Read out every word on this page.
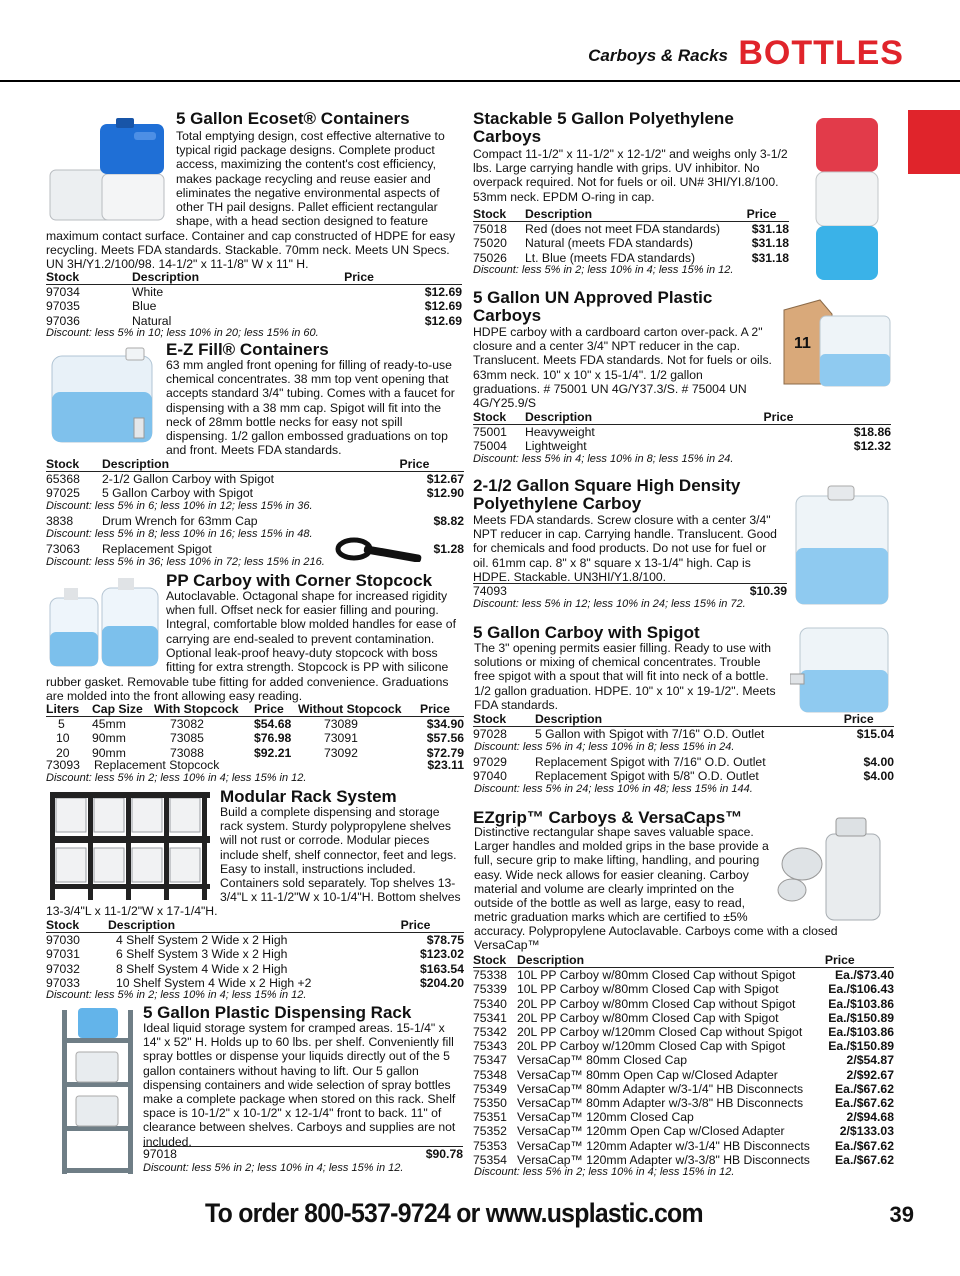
Carboys & Racks BOTTLES
5 Gallon Ecoset® Containers

Total emptying design, cost effective alternative to typical rigid package designs. Complete product access, maximizing the content's cost efficiency, makes package recycling and reuse easier and eliminates the negative environmental aspects of other TH pail designs. Pallet efficient rectangular shape, with a head section designed to feature

maximum contact surface. Container and cap constructed of HDPE for easy recycling. Meets FDA standards. Stackable. 70mm neck. Meets UN Specs. UN 3H/Y1.2/100/98. 14-1/2" x 11-1/8" W x 11" H.

Stock	Description	Price
97034	White	$12.69
97035	Blue	$12.69
97036	Natural	$12.69

Discount: less 5% in 10; less 10% in 20; less 15% in 60.

E-Z Fill® Containers

63 mm angled front opening for filling of ready-to-use chemical concentrates. 38 mm top vent opening that accepts standard 3/4" tubing. Comes with a faucet for dispensing with a 38 mm cap. Spigot will fit into the neck of 28mm bottle necks for easy not spill dispensing. 1/2 gallon embossed graduations on top and front. Meets FDA standards.

Stock	Description	Price
65368	2-1/2 Gallon Carboy with Spigot	$12.67
97025	5 Gallon Carboy with Spigot	$12.90

Discount: less 5% in 6; less 10% in 12; less 15% in 36.

3838	Drum Wrench for 63mm Cap	$8.82

Discount: less 5% in 8; less 10% in 16; less 15% in 48.

73063	Replacement Spigot	$1.28

Discount: less 5% in 36; less 10% in 72; less 15% in 216.

PP Carboy with Corner Stopcock

Autoclavable. Octagonal shape for increased rigidity when full. Offset neck for easier filling and pouring. Integral, comfortable blow molded handles for ease of carrying are end-sealed to prevent contamination. Optional leak-proof heavy-duty stopcock with boss fitting for extra strength. Stopcock is PP with silicone

rubber gasket. Removable tube fitting for added convenience. Graduations are molded into the front allowing easy reading.

Liters	Cap Size	With Stopcock	Price	Without Stopcock	Price
5	45mm	73082	$54.68	73089	$34.90
10	90mm	73085	$76.98	73091	$57.56
20	90mm	73088	$92.21	73092	$72.79
73093	Replacement Stopcock	$23.11

Discount: less 5% in 2; less 10% in 4; less 15% in 12.

Modular Rack System

Build a complete dispensing and storage rack system. Sturdy polypropylene shelves will not rust or corrode. Modular pieces include shelf, shelf connector, feet and legs. Easy to install, instructions included. Containers sold separately. Top shelves 13-3/4"L x 11-1/2"W x 10-1/4"H. Bottom shelves

13-3/4"L x 11-1/2"W x 17-1/4"H.

Stock	Description	Price
97030	4 Shelf System 2 Wide x 2 High	$78.75
97031	6 Shelf System 3 Wide x 2 High	$123.02
97032	8 Shelf System 4 Wide x 2 High	$163.54
97033	10 Shelf System 4 Wide x 2 High +2	$204.20

Discount: less 5% in 2; less 10% in 4; less 15% in 12.

5 Gallon Plastic Dispensing Rack

Ideal liquid storage system for cramped areas. 15-1/4" x 14" x 52" H. Holds up to 60 lbs. per shelf. Conveniently fill spray bottles or dispense your liquids directly out of the 5 gallon containers without having to lift. Our 5 gallon dispensing containers and wide selection of spray bottles make a complete package when stored on this rack. Shelf space is 10-1/2" x 10-1/2" x 12-1/4" front to back. 11" of clearance between shelves. Carboys and supplies are not included.

97018	$90.78

Discount: less 5% in 2; less 10% in 4; less 15% in 12.

Stackable 5 Gallon Polyethylene Carboys

Compact 11-1/2" x 11-1/2" x 12-1/2" and weighs only 3-1/2 lbs. Large carrying handle with grips. UV inhibitor. No overpack required. Not for fuels or oil. UN# 3HI/YI.8/100. 53mm neck. EPDM O-ring in cap.

Stock	Description	Price
75018	Red (does not meet FDA standards)	$31.18
75020	Natural (meets FDA standards)	$31.18
75026	Lt. Blue (meets FDA standards)	$31.18

Discount: less 5% in 2; less 10% in 4; less 15% in 12.

5 Gallon UN Approved Plastic Carboys
11

HDPE carboy with a cardboard carton over-pack. A 2" closure and a center 3/4" NPT reducer in the cap. Translucent. Meets FDA standards. Not for fuels or oils. 63mm neck. 10" x 10" x 15-1/4". 1/2 gallon graduations. # 75001 UN 4G/Y37.3/S. # 75004 UN 4G/Y25.9/S

Stock	Description	Price
75001	Heavyweight	$18.86
75004	Lightweight	$12.32

Discount: less 5% in 4; less 10% in 8; less 15% in 24.

2-1/2 Gallon Square High Density Polyethylene Carboy

Meets FDA standards. Screw closure with a center 3/4" NPT reducer in cap. Carrying handle. Translucent. Good for chemicals and food products. Do not use for fuel or oil. 61mm cap. 8" x 8" square x 13-1/4" high. Cap is HDPE. Stackable. UN3HI/Y1.8/100.

74093	$10.39

Discount: less 5% in 12; less 10% in 24; less 15% in 72.

5 Gallon Carboy with Spigot

The 3" opening permits easier filling. Ready to use with solutions or mixing of chemical concentrates. Trouble free spigot with a spout that will fit into neck of a bottle. 1/2 gallon graduation. HDPE. 10" x 10" x 19-1/2". Meets FDA standards.

Stock	Description	Price
97028	5 Gallon with Spigot with 7/16" O.D. Outlet	$15.04

Discount: less 5% in 4; less 10% in 8; less 15% in 24.

97029	Replacement Spigot with 7/16" O.D. Outlet	$4.00
97040	Replacement Spigot with 5/8" O.D. Outlet	$4.00

Discount: less 5% in 24; less 10% in 48; less 15% in 144.

EZgrip™ Carboys & VersaCaps™

Distinctive rectangular shape saves valuable space. Larger handles and molded grips in the base provide a full, secure grip to make lifting, handling, and pouring easy. Wide neck allows for easier cleaning. Carboy material and volume are clearly imprinted on the outside of the bottle as well as large, easy to read, metric graduation marks which are certified to ±5%

accuracy. Polypropylene Autoclavable. Carboys come with a closed VersaCap™

Stock	Description	Price
75338	10L PP Carboy w/80mm Closed Cap without Spigot	Ea./$73.40
75339	10L PP Carboy w/80mm Closed Cap with Spigot	Ea./$106.43
75340	20L PP Carboy w/80mm Closed Cap without Spigot	Ea./$103.86
75341	20L PP Carboy w/80mm Closed Cap with Spigot	Ea./$150.89
75342	20L PP Carboy w/120mm Closed Cap without Spigot	Ea./$103.86
75343	20L PP Carboy w/120mm Closed Cap with Spigot	Ea./$150.89
75347	VersaCap™ 80mm Closed Cap	2/$54.87
75348	VersaCap™ 80mm Open Cap w/Closed Adapter	2/$92.67
75349	VersaCap™ 80mm Adapter w/3-1/4" HB Disconnects	Ea./$67.62
75350	VersaCap™ 80mm Adapter w/3-3/8" HB Disconnects	Ea./$67.62
75351	VersaCap™ 120mm Closed Cap	2/$94.68
75352	VersaCap™ 120mm Open Cap w/Closed Adapter	2/$133.03
75353	VersaCap™ 120mm Adapter w/3-1/4" HB Disconnects	Ea./$67.62
75354	VersaCap™ 120mm Adapter w/3-3/8" HB Disconnects	Ea./$67.62

Discount: less 5% in 2; less 10% in 4; less 15% in 12.

To order 800-537-9724 or www.usplastic.com	39
